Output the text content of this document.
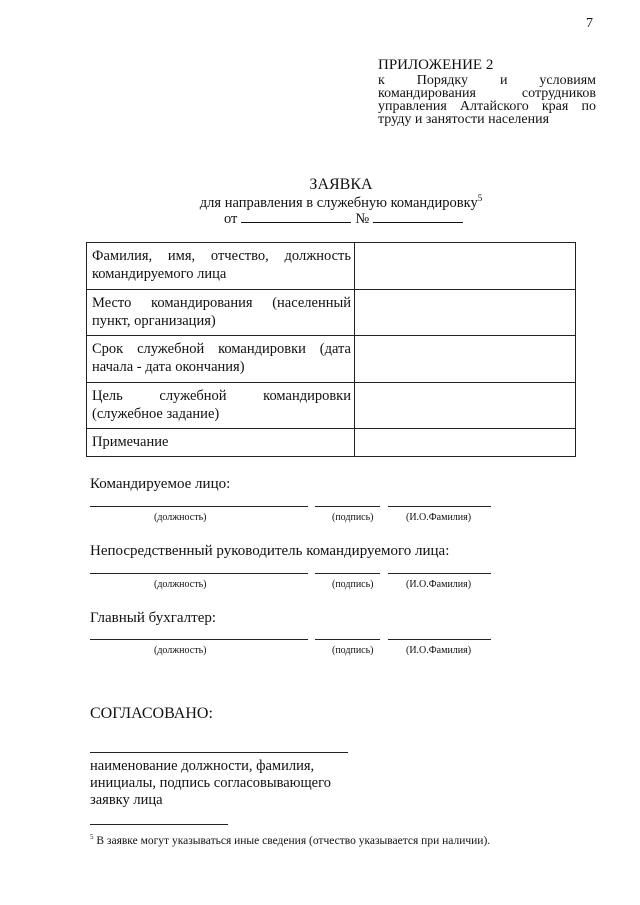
7
ПРИЛОЖЕНИЕ 2
к Порядку и условиям командирования сотрудников управления Алтайского края по труду и занятости населения
ЗАЯВКА
для направления в служебную командировку$^5$
от	№
Фамилия, имя, отчество, должность командируемого лица	
Место командирования (населенный пункт, организация)	
Срок служебной командировки (дата начала - дата окончания)	
Цель служебной командировки (служебное задание)	
Примечание	
Командируемое лицо:
(должность)	(подпись)	(И.О.Фамилия)
Непосредственный руководитель командируемого лица:
(должность)	(подпись)	(И.О.Фамилия)
Главный бухгалтер:
(должность)	(подпись)	(И.О.Фамилия)
СОГЛАСОВАНО:
наименование должности, фамилия, инициалы, подпись согласовывающего заявку лица
$^5$ В заявке могут указываться иные сведения (отчество указывается при наличии).
